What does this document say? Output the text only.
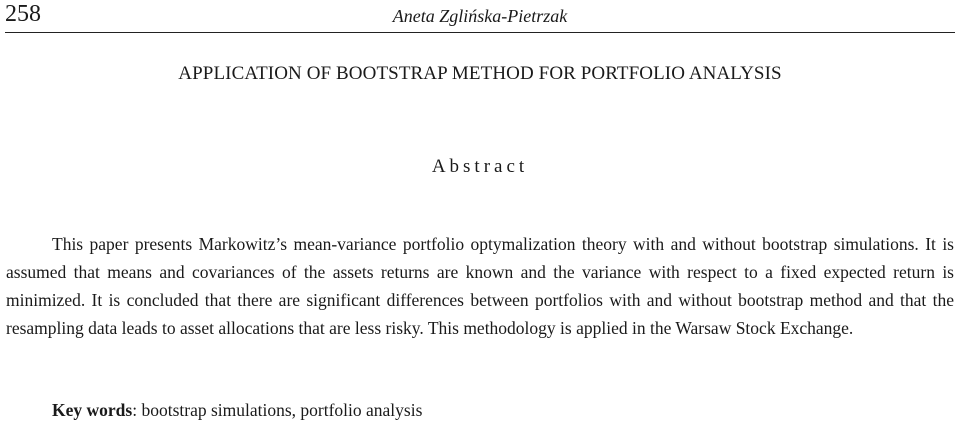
258	Aneta Zglińska-Pietrzak
APPLICATION OF BOOTSTRAP METHOD FOR PORTFOLIO ANALYSIS
Abstract

This paper presents Markowitz’s mean-variance portfolio optymalization theory with and without bootstrap simulations. It is assumed that means and covariances of the assets returns are known and the variance with respect to a fixed expected return is minimized. It is concluded that there are significant differences between portfolios with and without bootstrap method and that the resampling data leads to asset allocations that are less risky. This methodology is applied in the Warsaw Stock Exchange.

Key words: bootstrap simulations, portfolio analysis
